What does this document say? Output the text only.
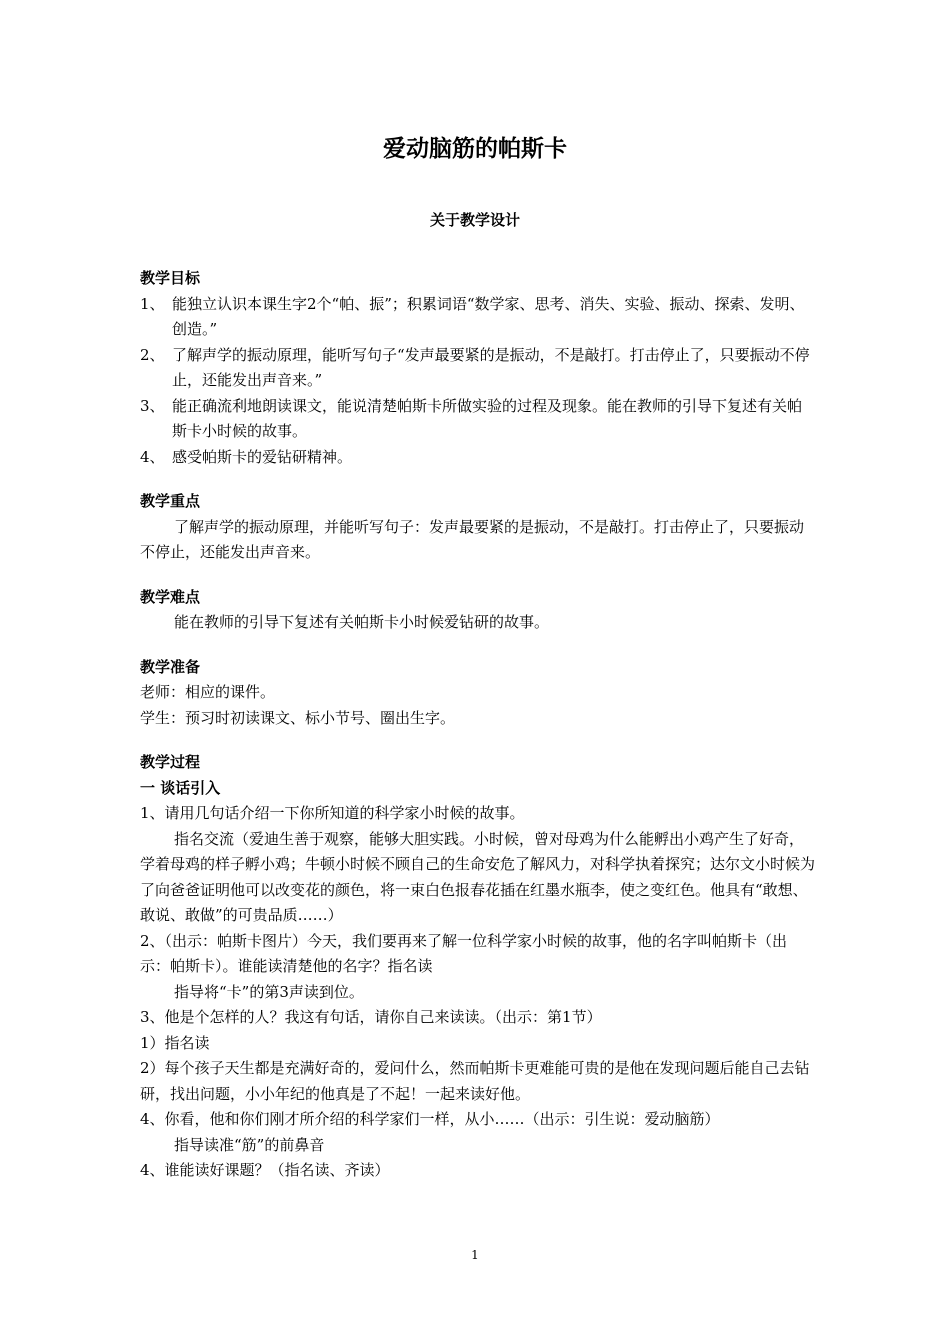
爱动脑筋的帕斯卡
关于教学设计
教学目标
1、 能独立认识本课生字2个“帕、振”；积累词语“数学家、思考、消失、实验、振动、探索、发明、创造。”
2、 了解声学的振动原理，能听写句子“发声最要紧的是振动，不是敲打。打击停止了，只要振动不停止，还能发出声音来。”
3、 能正确流利地朗读课文，能说清楚帕斯卡所做实验的过程及现象。能在教师的引导下复述有关帕斯卡小时候的故事。
4、 感受帕斯卡的爱钻研精神。
教学重点
了解声学的振动原理，并能听写句子：发声最要紧的是振动，不是敲打。打击停止了，只要振动不停止，还能发出声音来。
教学难点
能在教师的引导下复述有关帕斯卡小时候爱钻研的故事。
教学准备
老师：相应的课件。
学生：预习时初读课文、标小节号、圈出生字。
教学过程
一 谈话引入
1、请用几句话介绍一下你所知道的科学家小时候的故事。
指名交流（爱迪生善于观察，能够大胆实践。小时候，曾对母鸡为什么能孵出小鸡产生了好奇，学着母鸡的样子孵小鸡；牛顿小时候不顾自己的生命安危了解风力，对科学执着探究；达尔文小时候为了向爸爸证明他可以改变花的颜色，将一束白色报春花插在红墨水瓶李，使之变红色。他具有“敢想、敢说、敢做”的可贵品质……）
2、（出示：帕斯卡图片）今天，我们要再来了解一位科学家小时候的故事，他的名字叫帕斯卡（出示：帕斯卡）。谁能读清楚他的名字？指名读
指导将“卡”的第3声读到位。
3、他是个怎样的人？我这有句话，请你自己来读读。（出示：第1节）
1）指名读
2）每个孩子天生都是充满好奇的，爱问什么，然而帕斯卡更难能可贵的是他在发现问题后能自己去钻研，找出问题，小小年纪的他真是了不起！一起来读好他。
4、你看，他和你们刚才所介绍的科学家们一样，从小……（出示：引生说：爱动脑筋）
指导读准“筋”的前鼻音
4、谁能读好课题？（指名读、齐读）
1
